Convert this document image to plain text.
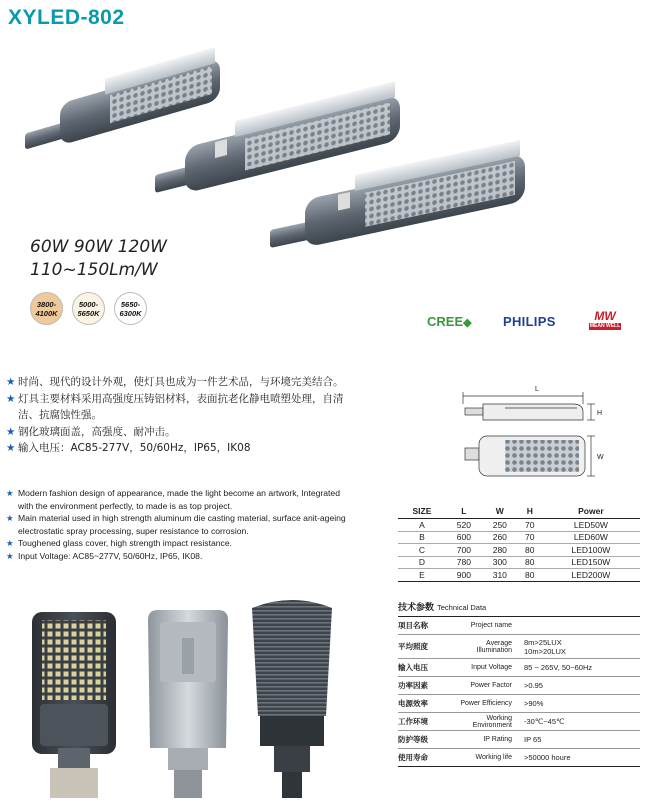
XYLED-802
60W 90W 120W
110~150Lm/W
3800-
4100K
5000-
5650K
5650-
6300K
CREE◆ PHILIPS	MW
MEAN WELL
★ 时尚、现代的设计外观，使灯具也成为一件艺术品，与环境完美结合。
★ 灯具主要材料采用高强度压铸铝材料，表面抗老化静电喷塑处理，自清洁、抗腐蚀性强。
★ 钢化玻璃面盖，高强度、耐冲击。
★ 输入电压：AC85-277V，50/60Hz，IP65，IK08
★ Modern fashion design of appearance, made the light become an artwork, Integrated with the environment perfectly, to made is as top project.
★ Main material used in high strength aluminum die casting material, surface anit-ageing electrostatic spray processing, super resistance to corrosion.
★ Toughened glass cover, high strength impact resistance.
★ Input Voltage: AC85~277V, 50/60Hz, IP65, IK08.
L
H
W
SIZE	L	W	H	Power
A	520	250	70	LED50W
B	600	260	70	LED60W
C	700	280	80	LED100W
D	780	300	80	LED150W
E	900	310	80	LED200W
技术参数 Technical Data
项目名称	Project name	
平均照度	Average Illumination	8m>25LUX
10m>20LUX
输入电压	Input Voltage	85 ~ 265V, 50~60Hz
功率因素	Power Factor	>0.95
电源效率	Power Efficiency	>90%
工作环境	Working Environment	-30℃~45℃
防护等级	IP Rating	IP 65
使用寿命	Working life	>50000 houre
